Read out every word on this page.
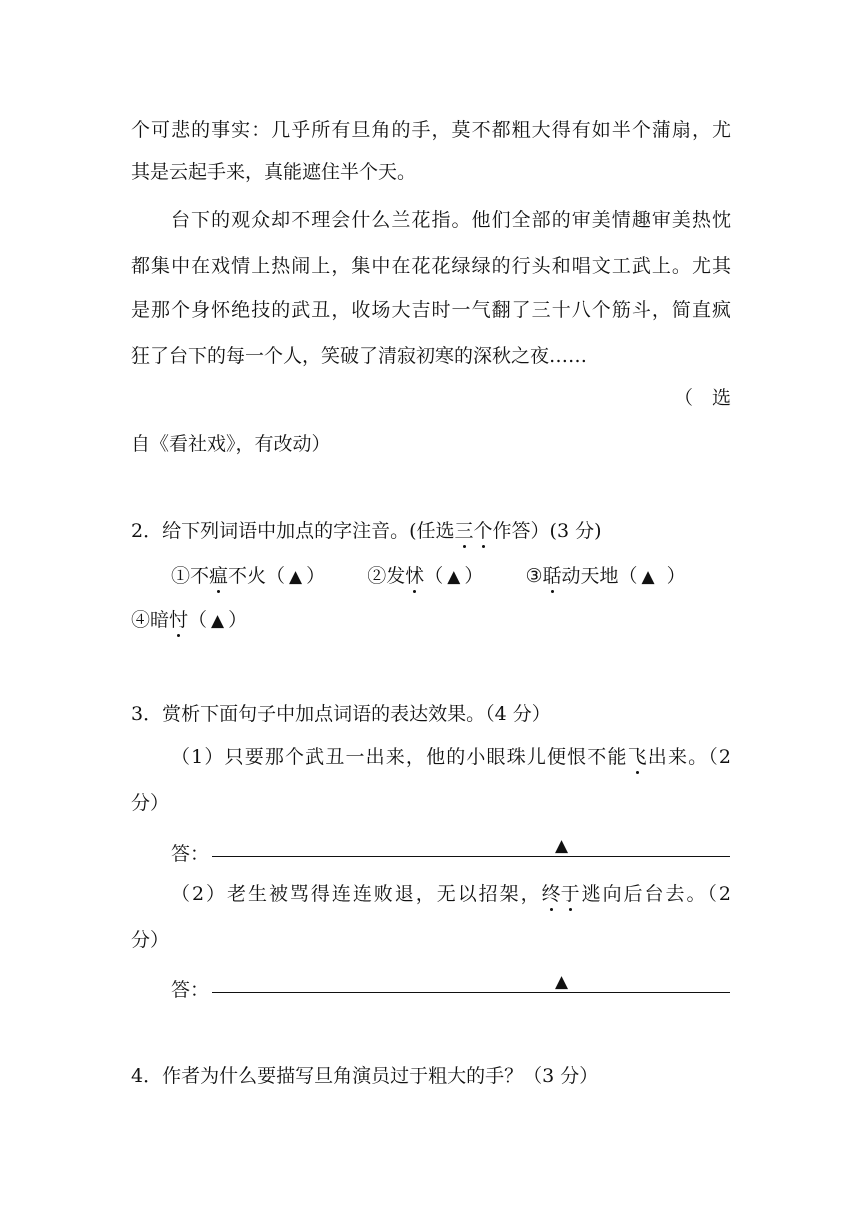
个可悲的事实：几乎所有旦角的手，莫不都粗大得有如半个蒲扇，尤
其是云起手来，真能遮住半个天。
台下的观众却不理会什么兰花指。他们全部的审美情趣审美热忱
都集中在戏情上热闹上，集中在花花绿绿的行头和唱文工武上。尤其
是那个身怀绝技的武丑，收场大吉时一气翻了三十八个筋斗，简直疯
狂了台下的每一个人，笑破了清寂初寒的深秋之夜……
（　选
自《看社戏》，有改动）
2．给下列词语中加点的字注音。(任选三个作答）(3 分)
①不瘟不火（ ▲ ） ②发怵（ ▲ ） ③聒动天地（ ▲ ）
④暗忖（ ▲ ）
3．赏析下面句子中加点词语的表达效果。（4 分）
（1）只要那个武丑一出来，他的小眼珠儿便恨不能飞出来。（2
分）
答：	▲
（2）老生被骂得连连败退，无以招架，终于逃向后台去。（2
分）
答：	▲
4．作者为什么要描写旦角演员过于粗大的手？（3 分）
